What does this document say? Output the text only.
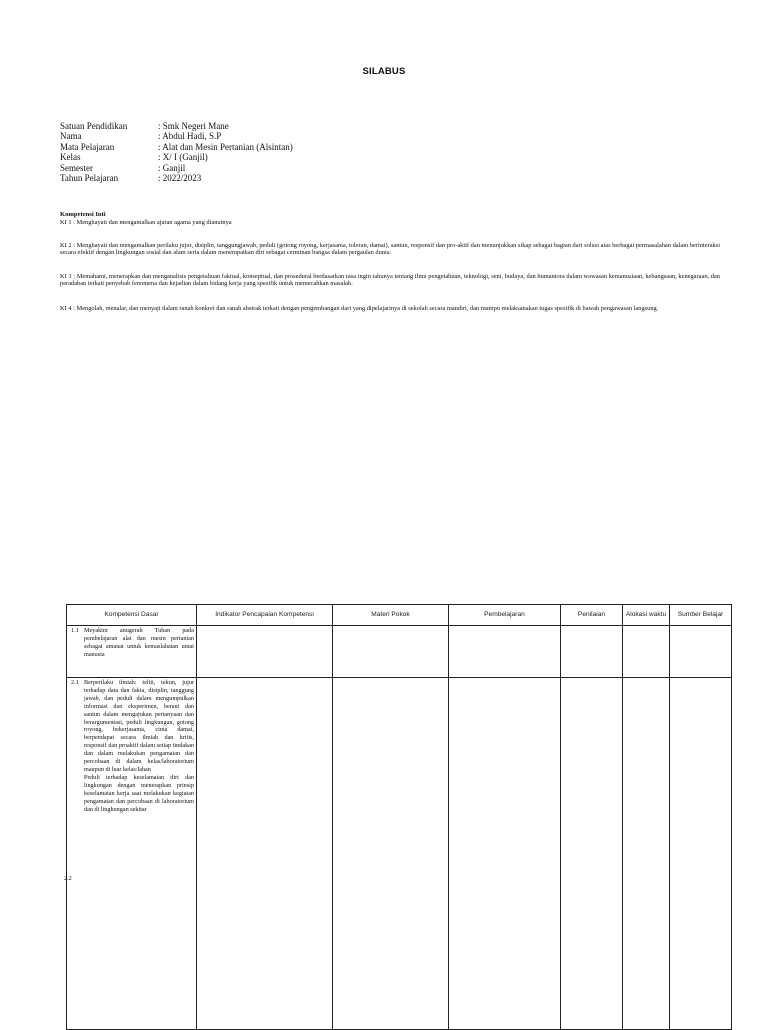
SILABUS
Satuan Pendidikan	: Smk Negeri Mane
Nama	: Abdul Hadi, S.P
Mata Pelajaran	: Alat dan Mesin Pertanian (Alsintan)
Kelas	: X/ I (Ganjil)
Semester	: Ganjil
Tahun Pelajaran	: 2022/2023
Kompetensi Inti
KI 1 : Menghayati dan mengamalkan ajaran agama yang dianutnya
KI 2 : Menghayati dan mengamalkan perilaku jujur, disiplin, tanggungjawab, peduli (gotong royong, kerjasama, toleran, damai), santun, responsif dan pro-aktif dan menunjukkan sikap sebagai bagian dari solusi atas berbagai permasalahan dalam berinteraksi secara efektif dengan lingkungan sosial dan alam serta dalam menempatkan diri sebagai cerminan bangsa dalam pergaulan dunia.
KI 3 : Memahami, menerapkan dan menganalisis pengetahuan faktual, konseptual, dan prosedural berdasarkan rasa ingin tahunya tentang ilmu pengetahuan, teknologi, seni, budaya, dan humaniora dalam wawasan kemanusiaan, kebangsaan, kenegaraan, dan peradaban terkait penyebab fenomena dan kejadian dalam bidang kerja yang spesifik untuk memecahkan masalah.
KI 4 : Mengolah, menalar, dan menyaji dalam ranah konkret dan ranah abstrak terkait dengan pengembangan dari yang dipelajarinya di sekolah secara mandiri, dan mampu melaksanakan tugas spesifik di bawah pengawasan langsung.
Kompetensi Dasar	Indikator Pencapaian Kompetensi	Materi Pokok	Pembelajaran	Penilaian	Alokasi waktu	Sumber Belajar

1.1 Meyakini anugerah Tuhan pada pembelajaran alat dan mesin pertanian sebagai amanat untuk kemaslahatan umat manusia						

2.1 Berperilaku ilmiah: teliti, tekun, jujur terhadap data dan fakta, disiplin, tanggung jawab, dan peduli dalam mengumpulkan informasi dan eksperimen, berani dan santun dalam mengajukan pertanyaan dan berargumentasi, peduli lingkungan, gotong royong, bekerjasama, cinta damai, berpendapat secara ilmiah dan kritis, responsif dan proaktif dalam setiap tindakan dan dalam melakukan pengamatan dan percobaan di dalam kelas/laboratorium maupun di luar kelas/lahan
2.2
Peduli terhadap keselamatan diri dan lingkungan dengan menerapkan prinsip keselamatan kerja saat melakukan kegiatan pengamatan dan percobaan di laboratorium dan di lingkungan sekitar						
